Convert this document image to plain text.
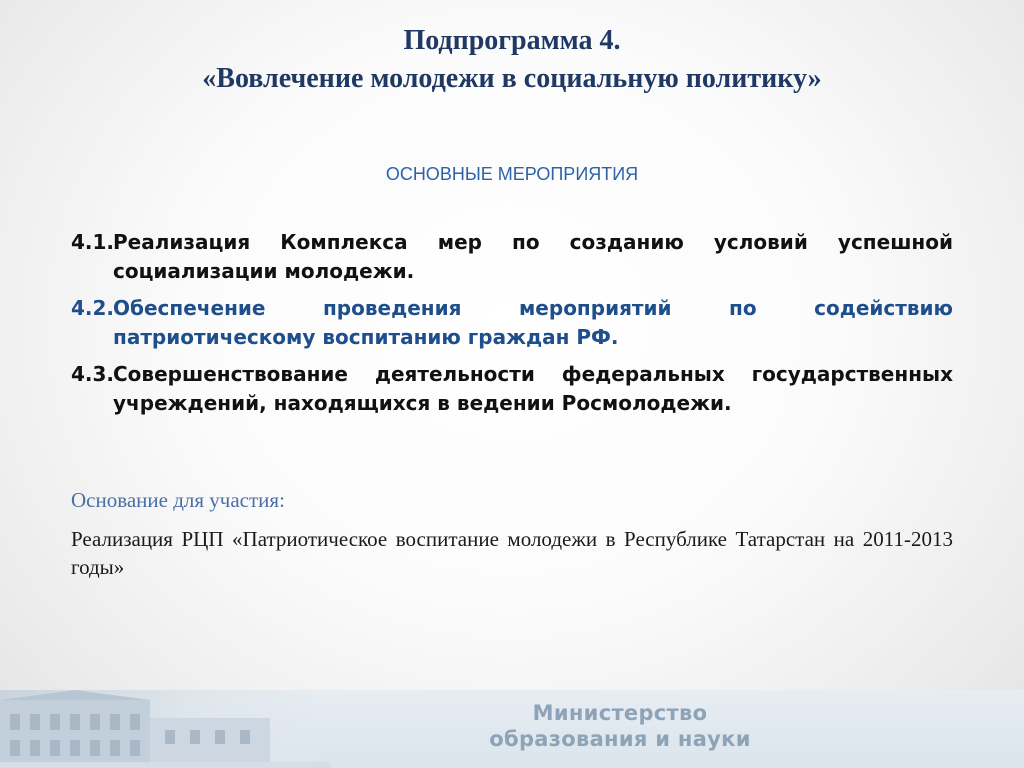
Подпрограмма 4.
«Вовлечение молодежи в социальную политику»
ОСНОВНЫЕ МЕРОПРИЯТИЯ
4.1.
Реализация Комплекса мер по созданию условий успешной социализации молодежи.
4.2.
Обеспечение проведения мероприятий по содействию патриотическому воспитанию граждан РФ.
4.3.
Совершенствование деятельности федеральных государственных учреждений, находящихся в ведении Росмолодежи.
Основание для участия:
Реализация РЦП «Патриотическое воспитание молодежи в Республике Татарстан на 2011-2013 годы»
Министерство
образования и науки
